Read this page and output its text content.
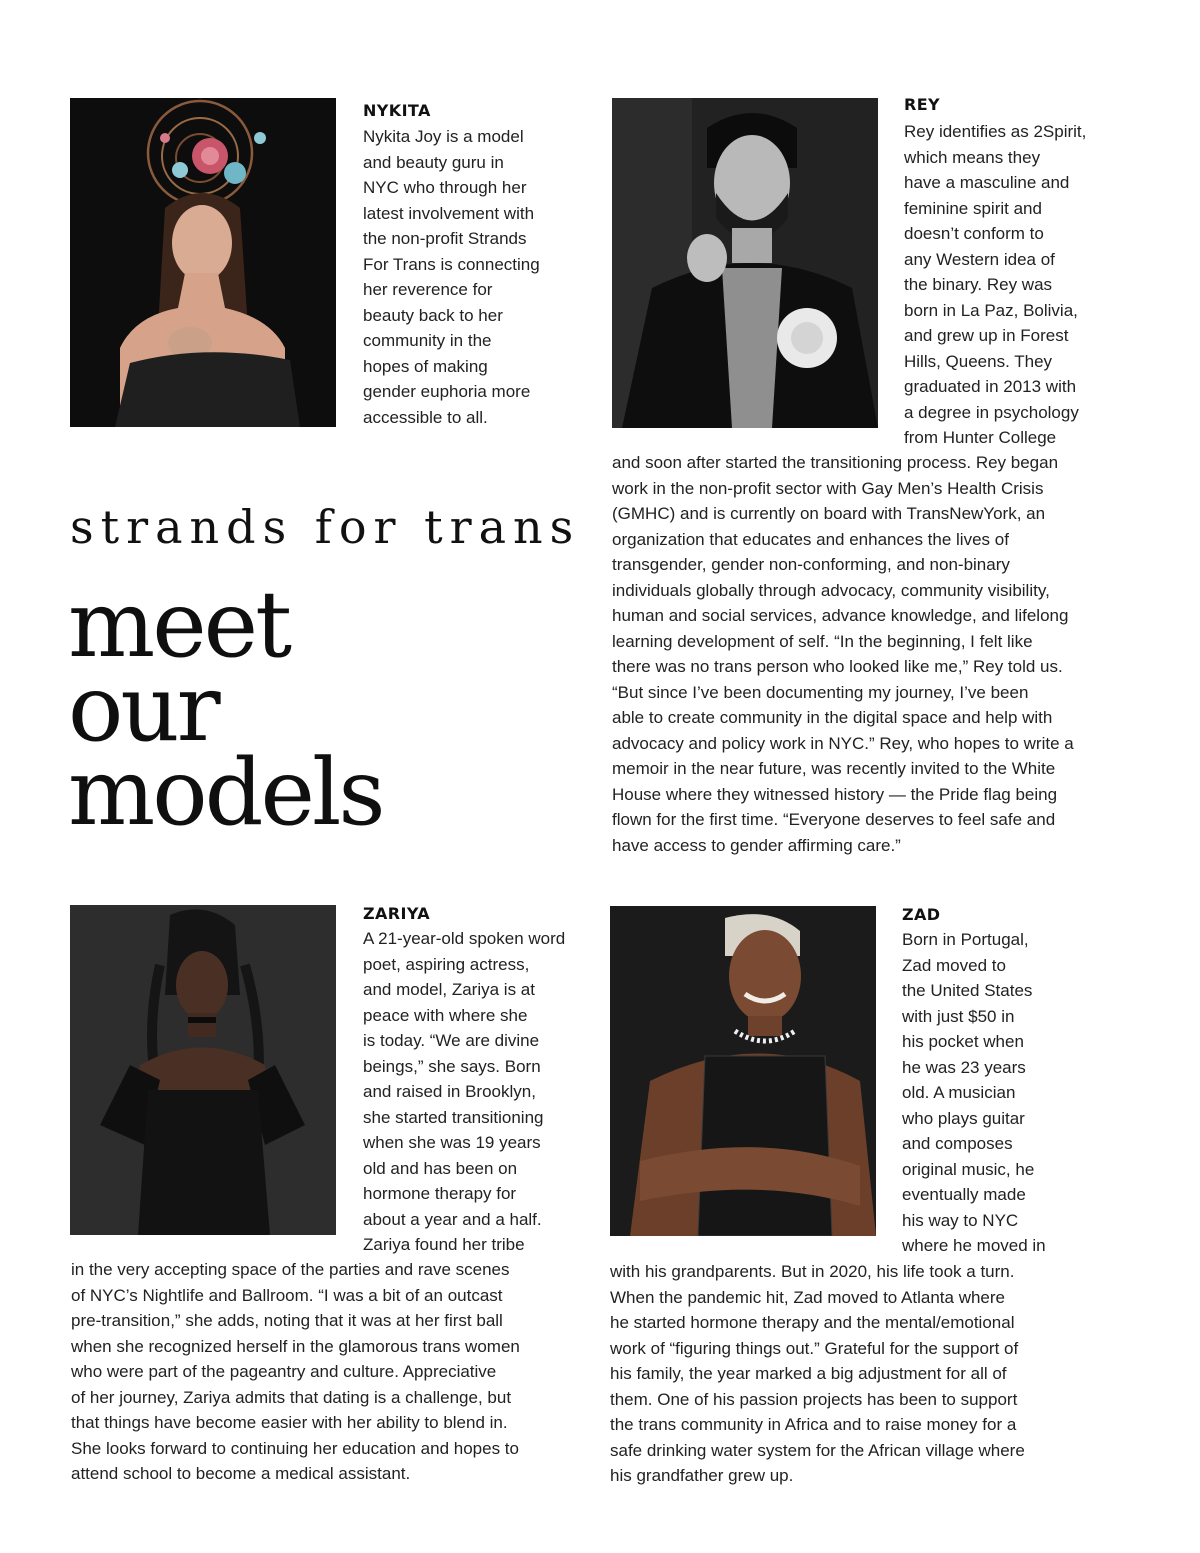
NYKITA
Nykita Joy is a model
and beauty guru in
NYC who through her
latest involvement with
the non-profit Strands
For Trans is connecting
her reverence for
beauty back to her
community in the
hopes of making
gender euphoria more
accessible to all.
REY
Rey identifies as 2Spirit,
which means they
have a masculine and
feminine spirit and
doesn’t conform to
any Western idea of
the binary. Rey was
born in La Paz, Bolivia,
and grew up in Forest
Hills, Queens. They
graduated in 2013 with
a degree in psychology
from Hunter College
and soon after started the transitioning process. Rey began
work in the non-profit sector with Gay Men’s Health Crisis
(GMHC) and is currently on board with TransNewYork, an
organization that educates and enhances the lives of
transgender, gender non-conforming, and non-binary
individuals globally through advocacy, community visibility,
human and social services, advance knowledge, and lifelong
learning development of self. “In the beginning, I felt like
there was no trans person who looked like me,” Rey told us.
“But since I’ve been documenting my journey, I’ve been
able to create community in the digital space and help with
advocacy and policy work in NYC.” Rey, who hopes to write a
memoir in the near future, was recently invited to the White
House where they witnessed history — the Pride flag being
flown for the first time. “Everyone deserves to feel safe and
have access to gender affirming care.”
strands for trans
meet
our
models
ZARIYA
A 21-year-old spoken word
poet, aspiring actress,
and model, Zariya is at
peace with where she
is today. “We are divine
beings,” she says. Born
and raised in Brooklyn,
she started transitioning
when she was 19 years
old and has been on
hormone therapy for
about a year and a half.
Zariya found her tribe
in the very accepting space of the parties and rave scenes
of NYC’s Nightlife and Ballroom. “I was a bit of an outcast
pre-transition,” she adds, noting that it was at her first ball
when she recognized herself in the glamorous trans women
who were part of the pageantry and culture. Appreciative
of her journey, Zariya admits that dating is a challenge, but
that things have become easier with her ability to blend in.
She looks forward to continuing her education and hopes to
attend school to become a medical assistant.
ZAD
Born in Portugal,
Zad moved to
the United States
with just $50 in
his pocket when
he was 23 years
old. A musician
who plays guitar
and composes
original music, he
eventually made
his way to NYC
where he moved in
with his grandparents. But in 2020, his life took a turn.
When the pandemic hit, Zad moved to Atlanta where
he started hormone therapy and the mental/emotional
work of “figuring things out.” Grateful for the support of
his family, the year marked a big adjustment for all of
them. One of his passion projects has been to support
the trans community in Africa and to raise money for a
safe drinking water system for the African village where
his grandfather grew up.
